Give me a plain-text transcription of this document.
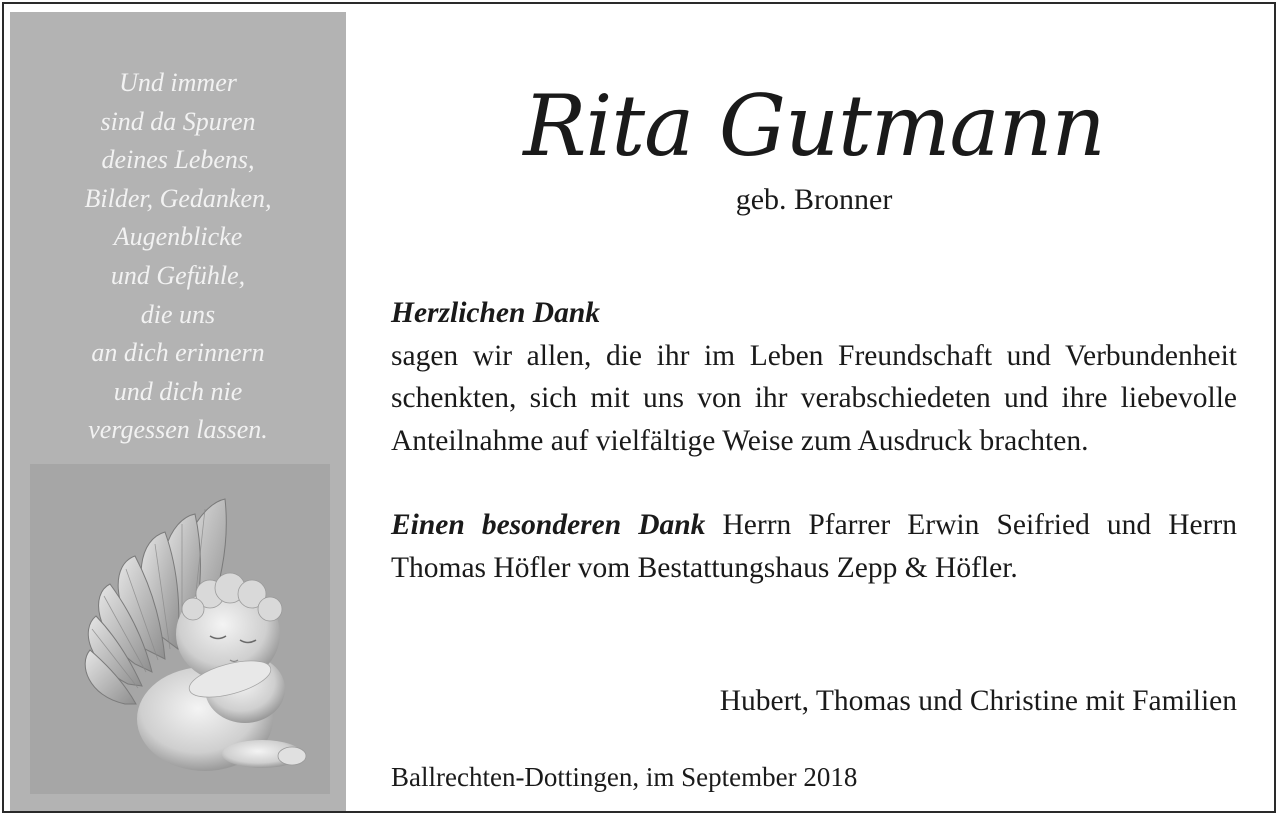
Und immer
sind da Spuren
deines Lebens,
Bilder, Gedanken,
Augenblicke
und Gefühle,
die uns
an dich erinnern
und dich nie
vergessen lassen.
Rita Gutmann
geb. Bronner
Herzlichen Dank
sagen wir allen, die ihr im Leben Freundschaft und Verbundenheit schenkten, sich mit uns von ihr verabschiedeten und ihre liebevolle Anteilnahme auf vielfältige Weise zum Ausdruck brachten.
Einen besonderen Dank Herrn Pfarrer Erwin Seifried und Herrn Thomas Höfler vom Bestattungshaus Zepp & Höfler.
Hubert, Thomas und Christine mit Familien
Ballrechten-Dottingen, im September 2018
